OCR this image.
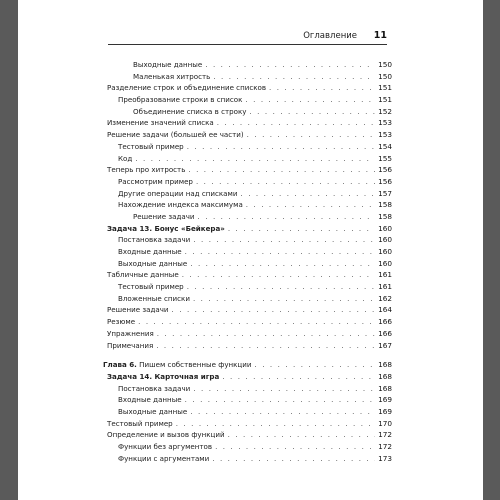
Оглавление 11
Выходные данные . . .	150
Маленькая хитрость . . .	150
Разделение строк и объединение списков . . .	151
Преобразование строки в список . . .	151
Объединение списка в строку . . .	152
Изменение значений списка . . .	153
Решение задачи (большей ее части) . . .	153
Тестовый пример . . .	154
Код . . .	155
Теперь про хитрость . . .	156
Рассмотрим пример . . .	156
Другие операции над списками . . .	157
Нахождение индекса максимума . . .	158
Решение задачи . . .	158
Задача 13. Бонус «Бейкера» . . .	160
Постановка задачи . . .	160
Входные данные . . .	160
Выходные данные . . .	160
Табличные данные . . .	161
Тестовый пример . . .	161
Вложенные списки . . .	162
Решение задачи . . .	164
Резюме . . .	166
Упражнения . . .	166
Примечания . . .	167
Глава 6. Пишем собственные функции . . .	168
Задача 14. Карточная игра . . .	168
Постановка задачи . . .	168
Входные данные . . .	169
Выходные данные . . .	169
Тестовый пример . . .	170
Определение и вызов функций . . .	172
Функции без аргументов . . .	172
Функции с аргументами . . .	173
